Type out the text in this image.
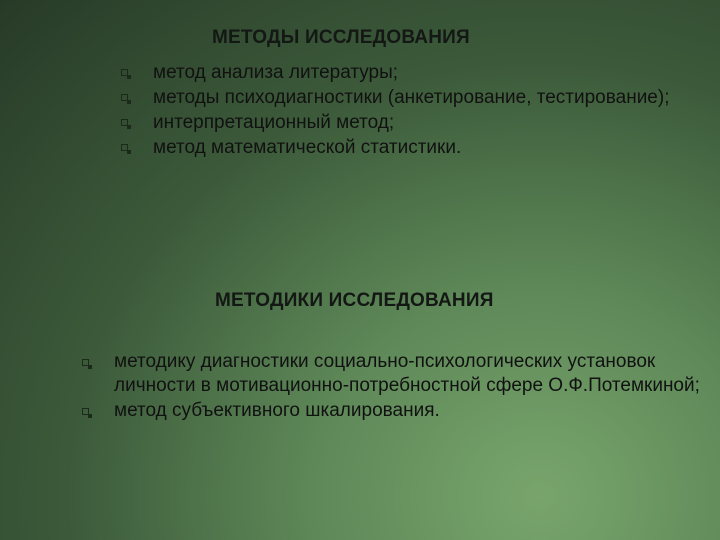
МЕТОДЫ ИССЛЕДОВАНИЯ
метод анализа литературы;
методы психодиагностики (анкетирование, тестирование);
интерпретационный метод;
метод математической статистики.
МЕТОДИКИ ИССЛЕДОВАНИЯ
методику диагностики социально-психологических установок личности в мотивационно-потребностной сфере О.Ф.Потемкиной;
метод субъективного шкалирования.
